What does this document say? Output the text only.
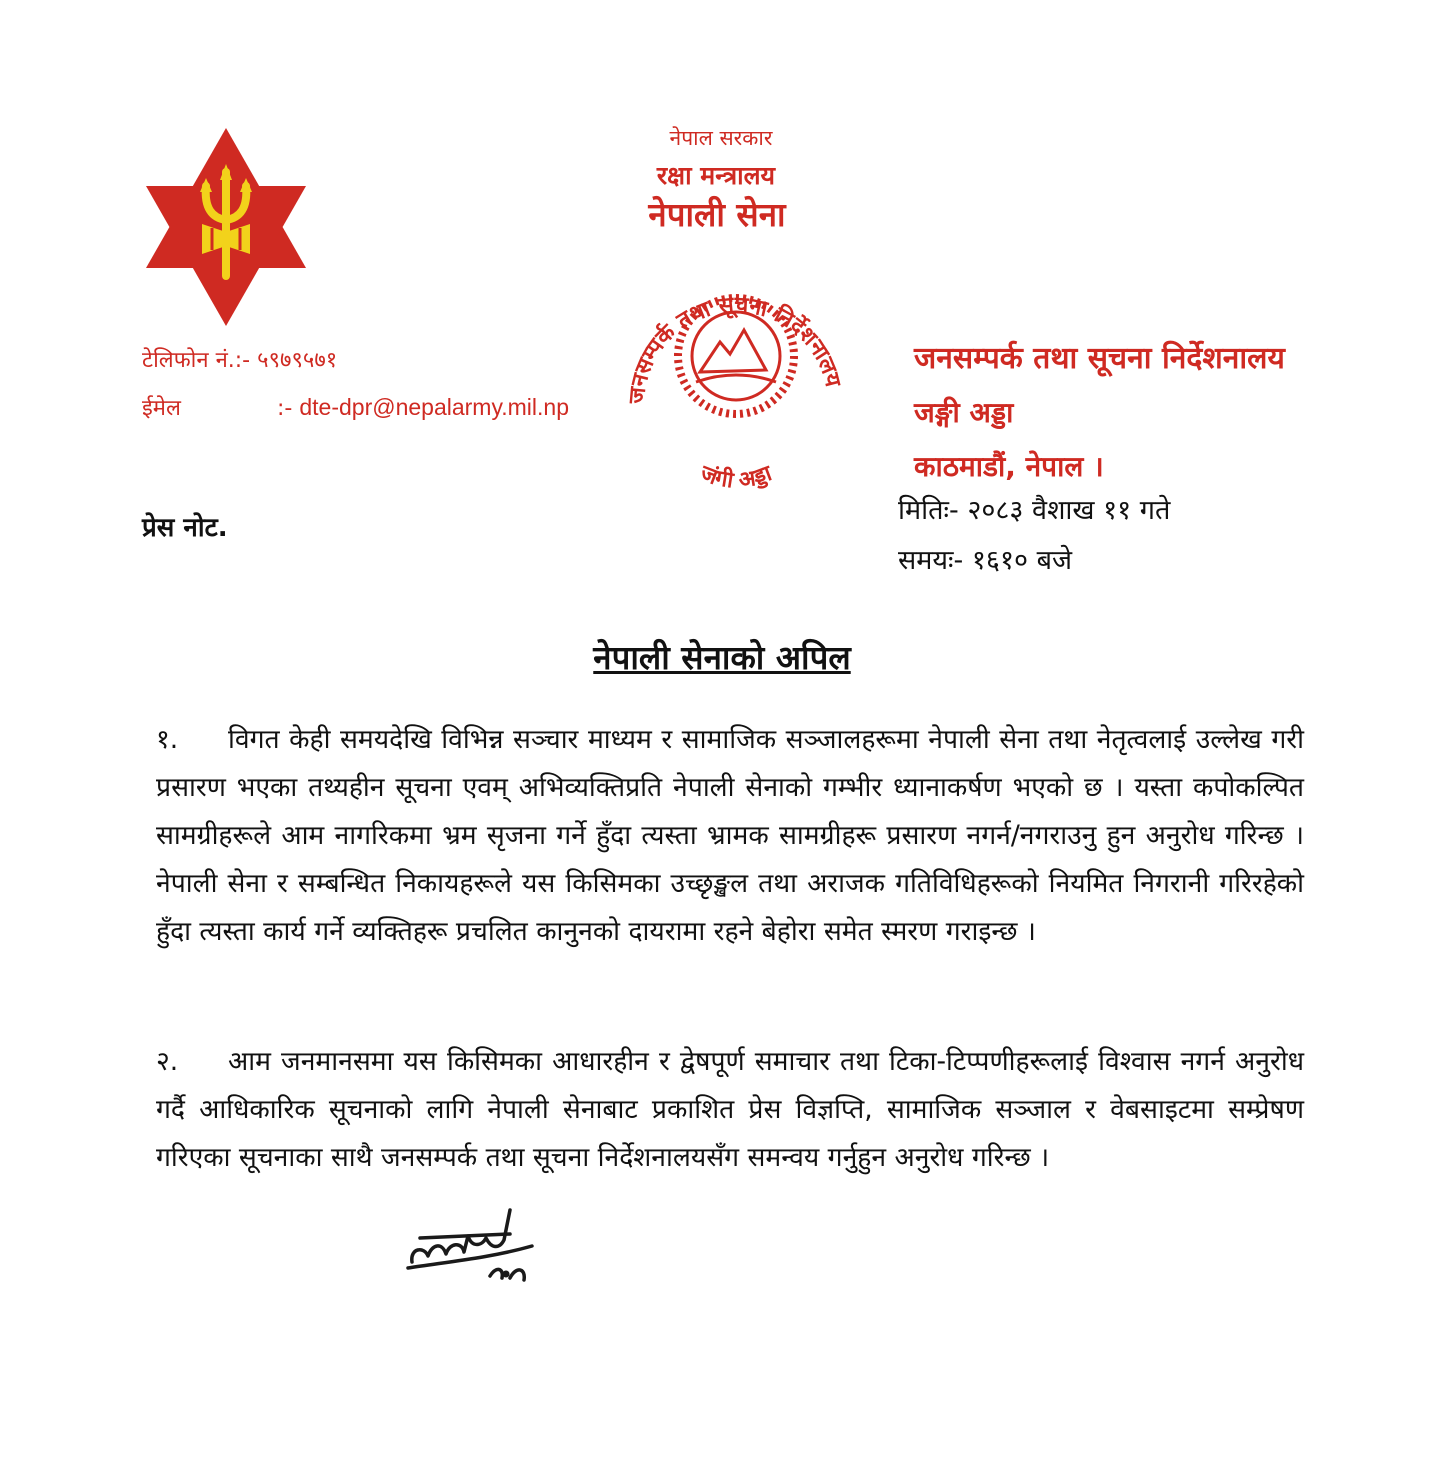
नेपाल सरकार
रक्षा मन्त्रालय
नेपाली सेना
जनसम्पर्क तथा सूचना निर्देशनालय
जंगी अड्डा
टेलिफोन नं.:- ५९७९५७१
ईमेल	:- dte-dpr@nepalarmy.mil.np
जनसम्पर्क तथा सूचना निर्देशनालय
जङ्गी अड्डा
काठमाडौं, नेपाल ।
मितिः- २०८३ वैशाख ११ गते
समयः- १६१० बजे
प्रेस नोट.
नेपाली सेनाको अपिल
१. विगत केही समयदेखि विभिन्न सञ्चार माध्यम र सामाजिक सञ्जालहरूमा नेपाली सेना तथा नेतृत्वलाई उल्लेख गरी प्रसारण भएका तथ्यहीन सूचना एवम् अभिव्यक्तिप्रति नेपाली सेनाको गम्भीर ध्यानाकर्षण भएको छ । यस्ता कपोकल्पित सामग्रीहरूले आम नागरिकमा भ्रम सृजना गर्ने हुँदा त्यस्ता भ्रामक सामग्रीहरू प्रसारण नगर्न/नगराउनु हुन अनुरोध गरिन्छ । नेपाली सेना र सम्बन्धित निकायहरूले यस किसिमका उच्छृङ्खल तथा अराजक गतिविधिहरूको नियमित निगरानी गरिरहेको हुँदा त्यस्ता कार्य गर्ने व्यक्तिहरू प्रचलित कानुनको दायरामा रहने बेहोरा समेत स्मरण गराइन्छ ।
२. आम जनमानसमा यस किसिमका आधारहीन र द्वेषपूर्ण समाचार तथा टिका-टिप्पणीहरूलाई विश्वास नगर्न अनुरोध गर्दै आधिकारिक सूचनाको लागि नेपाली सेनाबाट प्रकाशित प्रेस विज्ञप्ति, सामाजिक सञ्जाल र वेबसाइटमा सम्प्रेषण गरिएका सूचनाका साथै जनसम्पर्क तथा सूचना निर्देशनालयसँग समन्वय गर्नुहुन अनुरोध गरिन्छ ।
